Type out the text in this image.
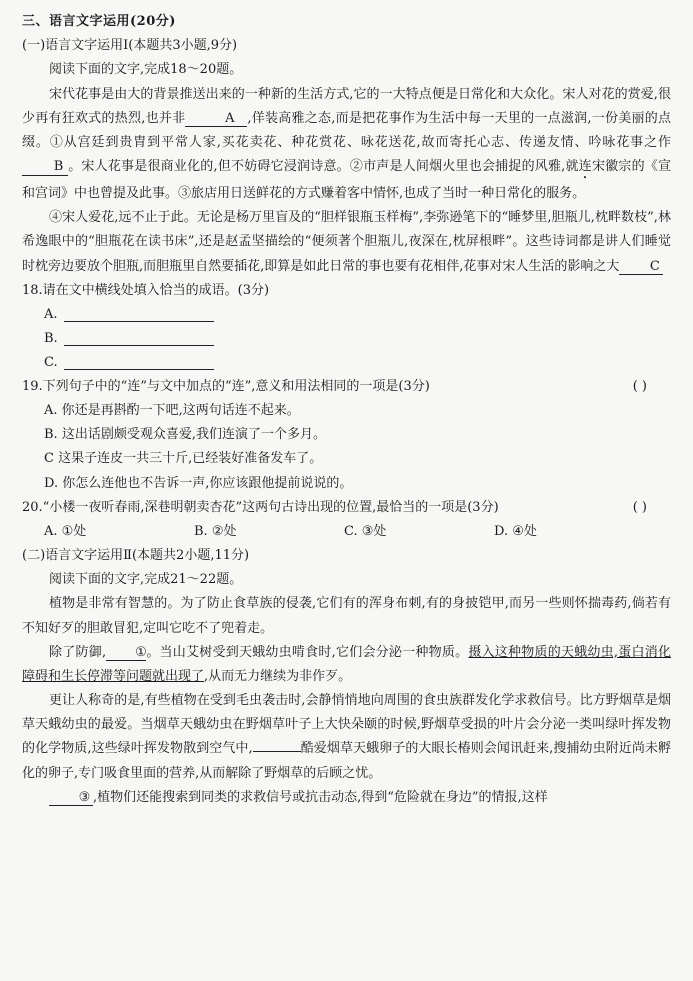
三、语言文字运用(20分)
(一)语言文字运用Ⅰ(本题共3小题,9分)
阅读下面的文字,完成18～20题。

宋代花事是由大的背景推送出来的一种新的生活方式,它的一大特点便是日常化和大众化。宋人对花的赏爱,很少再有狂欢式的热烈,也并非	A ,佯装高雅之态,而是把花事作为生活中每一天里的一点滋润,一份美丽的点缀。①从宫廷到贵胄到平常人家,买花卖花、种花赏花、咏花送花,故而寄托心志、传递友情、吟咏花事之作B 。宋人花事是很商业化的,但不妨碍它浸润诗意。②市声是人间烟火里也会捕捉的风雅,就连宋徽宗的《宣和宫词》中也曾提及此事。③旅店用日送鲜花的方式赚着客中情怀,也成了当时一种日常化的服务。

④宋人爱花,远不止于此。无论是杨万里盲及的“胆样银瓶玉样梅”,李弥逊笔下的“睡梦里,胆瓶儿,枕畔数枝”,林希逸眼中的“胆瓶花在读书床”,还是赵孟坚描绘的“便须著个胆瓶儿,夜深在,枕屏根畔”。这些诗词都是讲人们睡觉时枕旁边要放个胆瓶,而胆瓶里自然要插花,即算是如此日常的事也要有花相伴,花事对宋人生活的影响之大 C

18.请在文中横线处填入恰当的成语。(3分)
A.
B.
C.
19.下列句子中的“连”与文中加点的“连”,意义和用法相同的一项是(3分)	( )
A. 你还是再斟酌一下吧,这两句话连不起来。
B. 这出话剧颇受观众喜爱,我们连演了一个多月。
C 这果子连皮一共三十斤,已经装好准备发车了。
D. 你怎么连他也不告诉一声,你应该跟他提前说说的。
20.“小楼一夜听春雨,深巷明朝卖杏花”这两句古诗出现的位置,最恰当的一项是(3分)	( )
A. ①处	B. ②处	C. ③处	D. ④处
(二)语言文字运用Ⅱ(本题共2小题,11分)
阅读下面的文字,完成21～22题。

植物是非常有智慧的。为了防止食草族的侵袭,它们有的浑身布刺,有的身披铠甲,而另一些则怀揣毒药,倘若有不知好歹的胆敢冒犯,定叫它吃不了兜着走。

除了防御, ①。当山艾树受到天蛾幼虫啃食时,它们会分泌一种物质。摄入这种物质的天蛾幼虫,蛋白消化障碍和生长停滞等问题就出现了,从而无力继续为非作歹。

更让人称奇的是,有些植物在受到毛虫袭击时,会静悄悄地向周围的食虫族群发化学求救信号。比方野烟草是烟草天蛾幼虫的最爱。当烟草天蛾幼虫在野烟草叶子上大快朵颐的时候,野烟草受损的叶片会分泌一类叫绿叶挥发物的化学物质,这些绿叶挥发物散到空气中,	酷爱烟草天蛾卵子的大眼长椿则会闻讯赶来,搜捕幼虫附近尚未孵化的卵子,专门吸食里面的营养,从而解除了野烟草的后顾之忧。

③ ,植物们还能搜索到同类的求救信号或抗击动态,得到“危险就在身边”的情报,这样
